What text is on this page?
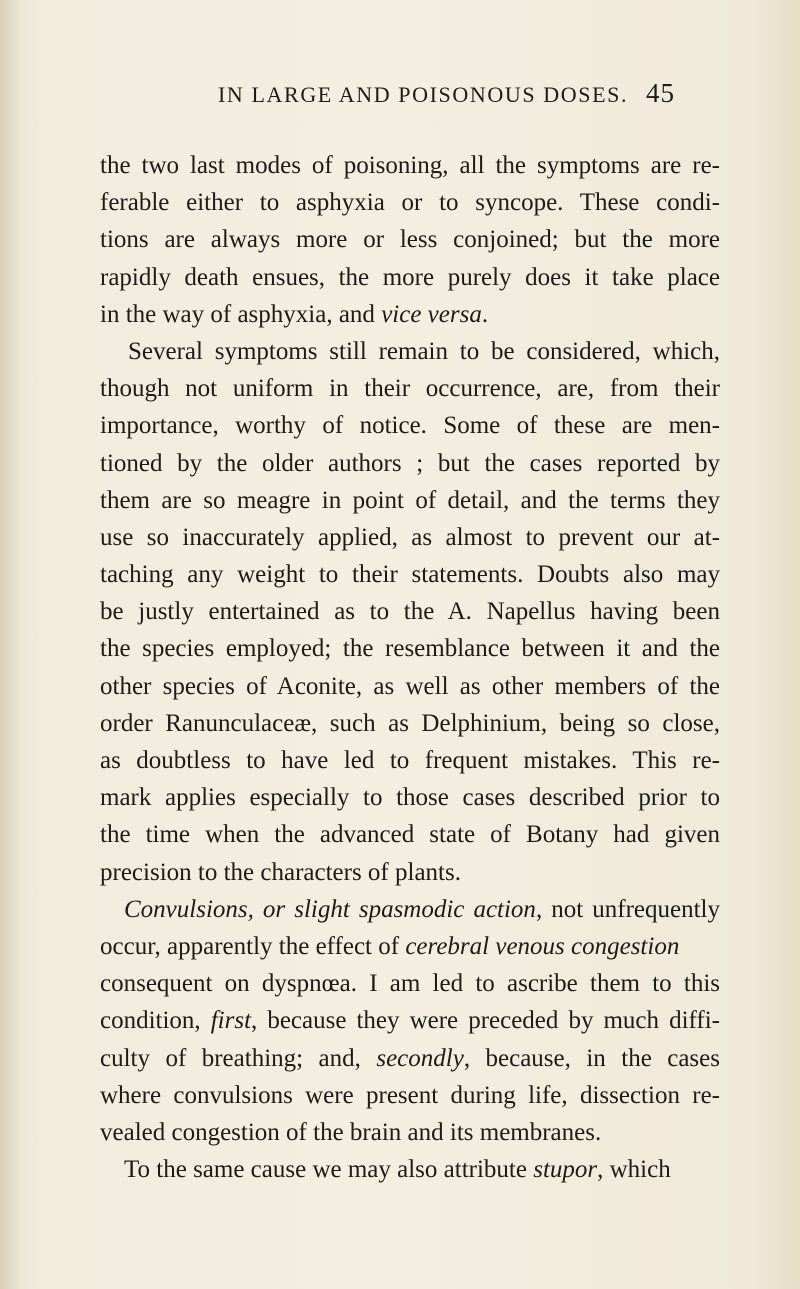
IN LARGE AND POISONOUS DOSES. 45
the two last modes of poisoning, all the symptoms are re-
ferable either to asphyxia or to syncope. These condi-
tions are always more or less conjoined; but the more
rapidly death ensues, the more purely does it take place
in the way of asphyxia, and vice versa.
Several symptoms still remain to be considered, which,
though not uniform in their occurrence, are, from their
importance, worthy of notice. Some of these are men-
tioned by the older authors ; but the cases reported by
them are so meagre in point of detail, and the terms they
use so inaccurately applied, as almost to prevent our at-
taching any weight to their statements. Doubts also may
be justly entertained as to the A. Napellus having been
the species employed; the resemblance between it and the
other species of Aconite, as well as other members of the
order Ranunculaceæ, such as Delphinium, being so close,
as doubtless to have led to frequent mistakes. This re-
mark applies especially to those cases described prior to
the time when the advanced state of Botany had given
precision to the characters of plants.
Convulsions, or slight spasmodic action, not unfrequently
occur, apparently the effect of cerebral venous congestion
consequent on dyspnœa. I am led to ascribe them to this
condition, first, because they were preceded by much diffi-
culty of breathing; and, secondly, because, in the cases
where convulsions were present during life, dissection re-
vealed congestion of the brain and its membranes.
To the same cause we may also attribute stupor, which
